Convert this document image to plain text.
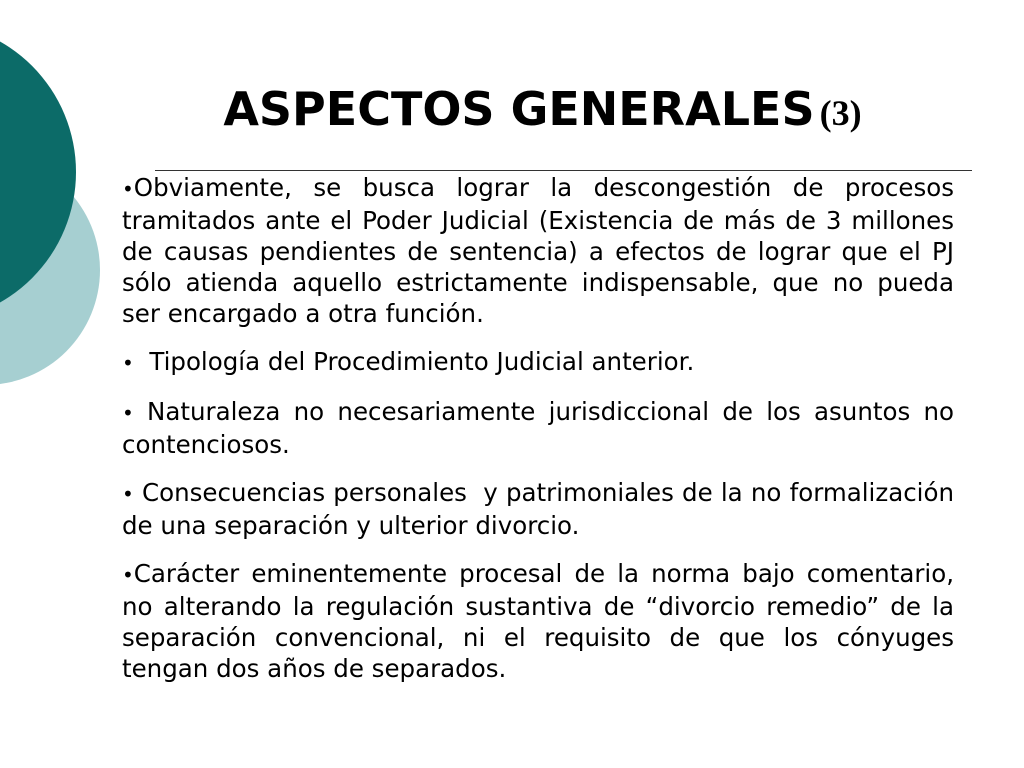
ASPECTOS GENERALES (3)

•Obviamente, se busca lograr la descongestión de procesos tramitados ante el Poder Judicial (Existencia de más de 3 millones de causas pendientes de sentencia) a efectos de lograr que el PJ sólo atienda aquello estrictamente indispensable, que no pueda ser encargado a otra función.

•  Tipología del Procedimiento Judicial anterior.

• Naturaleza no necesariamente jurisdiccional de los asuntos no contenciosos.

• Consecuencias personales  y patrimoniales de la no formalización de una separación y ulterior divorcio.

•Carácter eminentemente procesal de la norma bajo comentario, no alterando la regulación sustantiva de “divorcio remedio” de la separación convencional, ni el requisito de que los cónyuges tengan dos años de separados.
